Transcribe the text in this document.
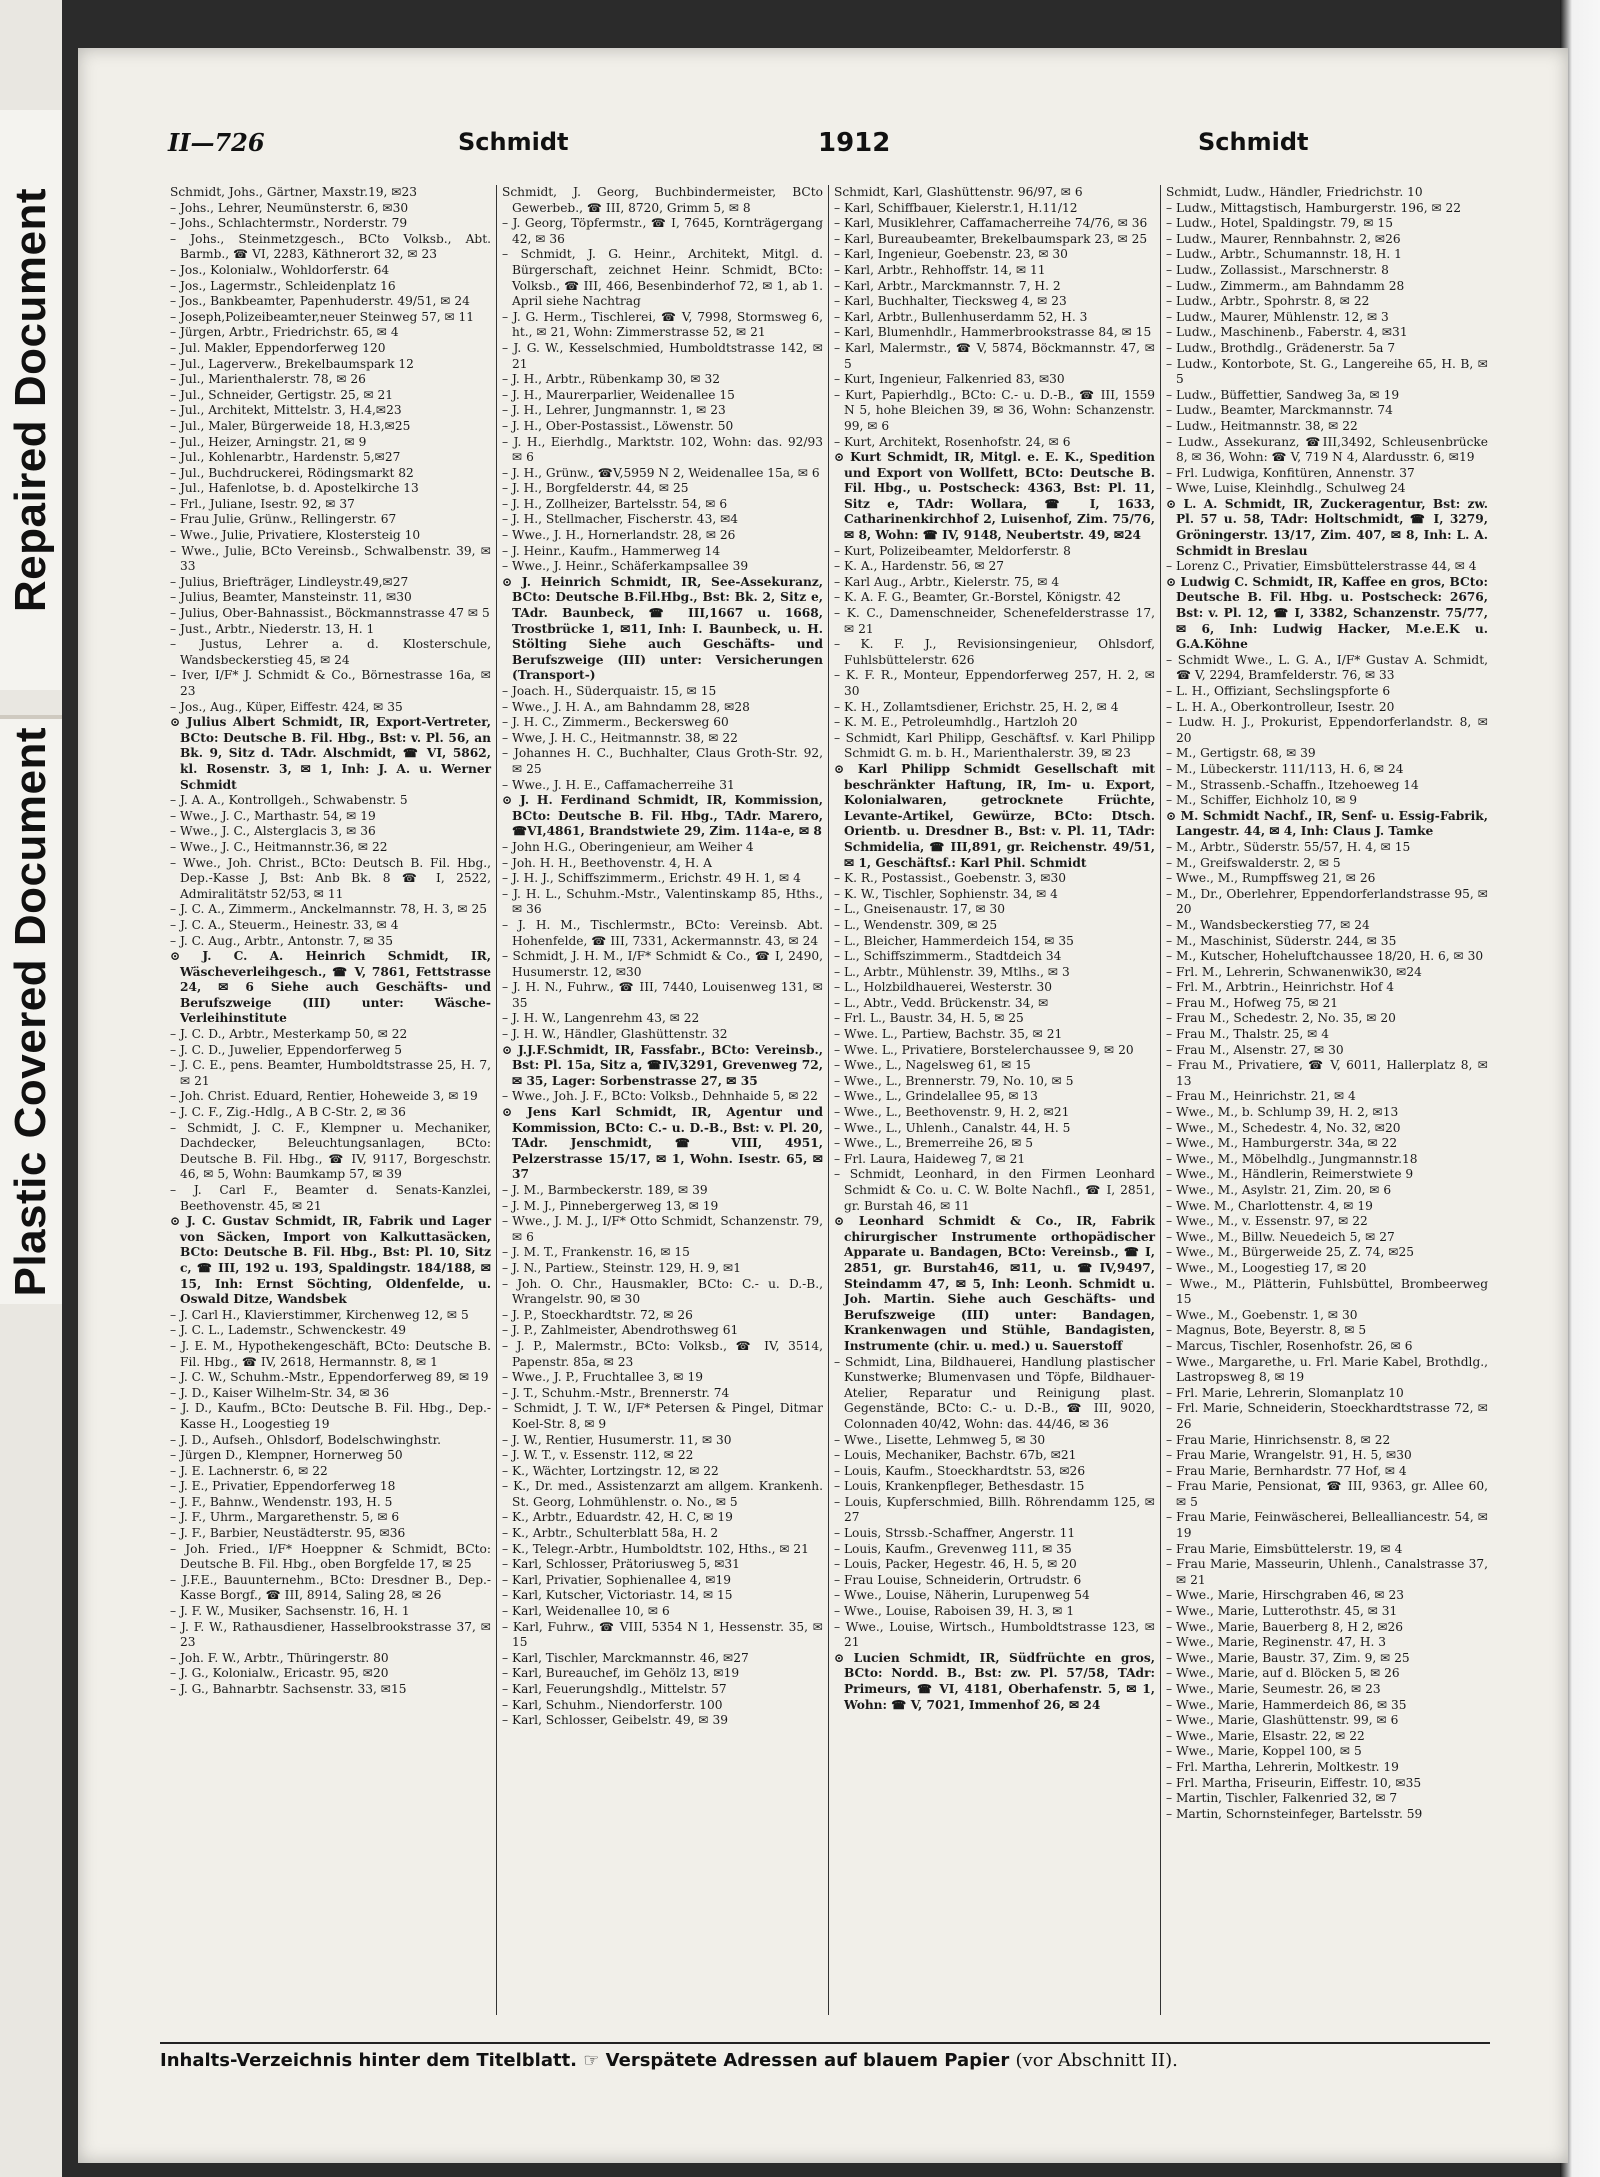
Repaired Document
Plastic Covered Document
II—726	Schmidt	1912	Schmidt

Schmidt, Johs., Gärtner, Maxstr.19, ✉23

– Johs., Lehrer, Neumünsterstr. 6, ✉30

– Johs., Schlachtermstr., Norderstr. 79

– Johs., Steinmetzgesch., BCto Volksb., Abt. Barmb., ☎ VI, 2283, Käthnerort 32, ✉ 23

– Jos., Kolonialw., Wohldorferstr. 64

– Jos., Lagermstr., Schleidenplatz 16

– Jos., Bankbeamter, Papenhuderstr. 49/51, ✉ 24

– Joseph,Polizeibeamter,neuer Steinweg 57, ✉ 11

– Jürgen, Arbtr., Friedrichstr. 65, ✉ 4

– Jul. Makler, Eppendorferweg 120

– Jul., Lagerverw., Brekelbaumspark 12

– Jul., Marienthalerstr. 78, ✉ 26

– Jul., Schneider, Gertigstr. 25, ✉ 21

– Jul., Architekt, Mittelstr. 3, H.4,✉23

– Jul., Maler, Bürgerweide 18, H.3,✉25

– Jul., Heizer, Arningstr. 21, ✉ 9

– Jul., Kohlenarbtr., Hardenstr. 5,✉27

– Jul., Buchdruckerei, Rödingsmarkt 82

– Jul., Hafenlotse, b. d. Apostelkirche 13

– Frl., Juliane, Isestr. 92, ✉ 37

– Frau Julie, Grünw., Rellingerstr. 67

– Wwe., Julie, Privatiere, Klostersteig 10

– Wwe., Julie, BCto Vereinsb., Schwalbenstr. 39, ✉ 33

– Julius, Briefträger, Lindleystr.49,✉27

– Julius, Beamter, Mansteinstr. 11, ✉30

– Julius, Ober-Bahnassist., Böckmannstrasse 47 ✉ 5

– Just., Arbtr., Niederstr. 13, H. 1

– Justus, Lehrer a. d. Klosterschule, Wandsbeckerstieg 45, ✉ 24

– Iver, I/F* J. Schmidt & Co., Börnestrasse 16a, ✉ 23

– Jos., Aug., Küper, Eiffestr. 424, ✉ 35

⊙ Julius Albert Schmidt, IR, Export-Vertreter, BCto: Deutsche B. Fil. Hbg., Bst: v. Pl. 56, an Bk. 9, Sitz d. TAdr. Alschmidt, ☎ VI, 5862, kl. Rosenstr. 3, ✉ 1, Inh: J. A. u. Werner Schmidt

– J. A. A., Kontrollgeh., Schwabenstr. 5

– Wwe., J. C., Marthastr. 54, ✉ 19

– Wwe., J. C., Alsterglacis 3, ✉ 36

– Wwe., J. C., Heitmannstr.36, ✉ 22

– Wwe., Joh. Christ., BCto: Deutsch B. Fil. Hbg., Dep.-Kasse J, Bst: Anb Bk. 8 ☎ I, 2522, Admiralitätstr 52/53, ✉ 11

– J. C. A., Zimmerm., Anckelmannstr. 78, H. 3, ✉ 25

– J. C. A., Steuerm., Heinestr. 33, ✉ 4

– J. C. Aug., Arbtr., Antonstr. 7, ✉ 35

⊙ J. C. A. Heinrich Schmidt, IR, Wäscheverleihgesch., ☎ V, 7861, Fettstrasse 24, ✉ 6 Siehe auch Geschäfts- und Berufszweige (III) unter: Wäsche-Verleihinstitute

– J. C. D., Arbtr., Mesterkamp 50, ✉ 22

– J. C. D., Juwelier, Eppendorferweg 5

– J. C. E., pens. Beamter, Humboldtstrasse 25, H. 7, ✉ 21

– Joh. Christ. Eduard, Rentier, Hoheweide 3, ✉ 19

– J. C. F., Zig.-Hdlg., A B C-Str. 2, ✉ 36

– Schmidt, J. C. F., Klempner u. Mechaniker, Dachdecker, Beleuchtungsanlagen, BCto: Deutsche B. Fil. Hbg., ☎ IV, 9117, Borgeschstr. 46, ✉ 5, Wohn: Baumkamp 57, ✉ 39

– J. Carl F., Beamter d. Senats-Kanzlei, Beethovenstr. 45, ✉ 21

⊙ J. C. Gustav Schmidt, IR, Fabrik und Lager von Säcken, Import von Kalkuttasäcken, BCto: Deutsche B. Fil. Hbg., Bst: Pl. 10, Sitz c, ☎ III, 192 u. 193, Spaldingstr. 184/188, ✉ 15, Inh: Ernst Söchting, Oldenfelde, u. Oswald Ditze, Wandsbek

– J. Carl H., Klavierstimmer, Kirchenweg 12, ✉ 5

– J. C. L., Lademstr., Schwenckestr. 49

– J. E. M., Hypothekengeschäft, BCto: Deutsche B. Fil. Hbg., ☎ IV, 2618, Hermannstr. 8, ✉ 1

– J. C. W., Schuhm.-Mstr., Eppendorferweg 89, ✉ 19

– J. D., Kaiser Wilhelm-Str. 34, ✉ 36

– J. D., Kaufm., BCto: Deutsche B. Fil. Hbg., Dep.-Kasse H., Loogestieg 19

– J. D., Aufseh., Ohlsdorf, Bodelschwinghstr.

– Jürgen D., Klempner, Hornerweg 50

– J. E. Lachnerstr. 6, ✉ 22

– J. E., Privatier, Eppendorferweg 18

– J. F., Bahnw., Wendenstr. 193, H. 5

– J. F., Uhrm., Margarethenstr. 5, ✉ 6

– J. F., Barbier, Neustädterstr. 95, ✉36

– Joh. Fried., I/F* Hoeppner & Schmidt, BCto: Deutsche B. Fil. Hbg., oben Borgfelde 17, ✉ 25

– J.F.E., Bauunternehm., BCto: Dresdner B., Dep.-Kasse Borgf., ☎ III, 8914, Saling 28, ✉ 26

– J. F. W., Musiker, Sachsenstr. 16, H. 1

– J. F. W., Rathausdiener, Hasselbrookstrasse 37, ✉ 23

– Joh. F. W., Arbtr., Thüringerstr. 80

– J. G., Kolonialw., Ericastr. 95, ✉20

– J. G., Bahnarbtr. Sachsenstr. 33, ✉15

Schmidt, J. Georg, Buchbindermeister, BCto Gewerbeb., ☎ III, 8720, Grimm 5, ✉ 8

– J. Georg, Töpfermstr., ☎ I, 7645, Kornträgergang 42, ✉ 36

– Schmidt, J. G. Heinr., Architekt, Mitgl. d. Bürgerschaft, zeichnet Heinr. Schmidt, BCto: Volksb., ☎ III, 466, Besenbinderhof 72, ✉ 1, ab 1. April siehe Nachtrag

– J. G. Herm., Tischlerei, ☎ V, 7998, Stormsweg 6, ht., ✉ 21, Wohn: Zimmerstrasse 52, ✉ 21

– J. G. W., Kesselschmied, Humboldtstrasse 142, ✉ 21

– J. H., Arbtr., Rübenkamp 30, ✉ 32

– J. H., Maurerparlier, Weidenallee 15

– J. H., Lehrer, Jungmannstr. 1, ✉ 23

– J. H., Ober-Postassist., Löwenstr. 50

– J. H., Eierhdlg., Marktstr. 102, Wohn: das. 92/93 ✉ 6

– J. H., Grünw., ☎V,5959 N 2, Weidenallee 15a, ✉ 6

– J. H., Borgfelderstr. 44, ✉ 25

– J. H., Zollheizer, Bartelsstr. 54, ✉ 6

– J. H., Stellmacher, Fischerstr. 43, ✉4

– Wwe., J. H., Hornerlandstr. 28, ✉ 26

– J. Heinr., Kaufm., Hammerweg 14

– Wwe., J. Heinr., Schäferkampsallee 39

⊙ J. Heinrich Schmidt, IR, See-Assekuranz, BCto: Deutsche B.Fil.Hbg., Bst: Bk. 2, Sitz e, TAdr. Baunbeck, ☎ III,1667 u. 1668, Trostbrücke 1, ✉11, Inh: I. Baunbeck, u. H. Stölting Siehe auch Geschäfts- und Berufszweige (III) unter: Versicherungen (Transport-)

– Joach. H., Süderquaistr. 15, ✉ 15

– Wwe., J. H. A., am Bahndamm 28, ✉28

– J. H. C., Zimmerm., Beckersweg 60

– Wwe, J. H. C., Heitmannstr. 38, ✉ 22

– Johannes H. C., Buchhalter, Claus Groth-Str. 92, ✉ 25

– Wwe., J. H. E., Caffamacherreihe 31

⊙ J. H. Ferdinand Schmidt, IR, Kommission, BCto: Deutsche B. Fil. Hbg., TAdr. Marero, ☎VI,4861, Brandstwiete 29, Zim. 114a-e, ✉ 8

– John H.G., Oberingenieur, am Weiher 4

– Joh. H. H., Beethovenstr. 4, H. A

– J. H. J., Schiffszimmerm., Erichstr. 49 H. 1, ✉ 4

– J. H. L., Schuhm.-Mstr., Valentinskamp 85, Hths., ✉ 36

– J. H. M., Tischlermstr., BCto: Vereinsb. Abt. Hohenfelde, ☎ III, 7331, Ackermannstr. 43, ✉ 24

– Schmidt, J. H. M., I/F* Schmidt & Co., ☎ I, 2490, Husumerstr. 12, ✉30

– J. H. N., Fuhrw., ☎ III, 7440, Louisenweg 131, ✉ 35

– J. H. W., Langenrehm 43, ✉ 22

– J. H. W., Händler, Glashüttenstr. 32

⊙ J.J.F.Schmidt, IR, Fassfabr., BCto: Vereinsb., Bst: Pl. 15a, Sitz a, ☎IV,3291, Grevenweg 72, ✉ 35, Lager: Sorbenstrasse 27, ✉ 35

– Wwe., Joh. J. F., BCto: Volksb., Dehnhaide 5, ✉ 22

⊙ Jens Karl Schmidt, IR, Agentur und Kommission, BCto: C.- u. D.-B., Bst: v. Pl. 20, TAdr. Jenschmidt, ☎ VIII, 4951, Pelzerstrasse 15/17, ✉ 1, Wohn. Isestr. 65, ✉ 37

– J. M., Barmbeckerstr. 189, ✉ 39

– J. M. J., Pinnebergerweg 13, ✉ 19

– Wwe., J. M. J., I/F* Otto Schmidt, Schanzenstr. 79, ✉ 6

– J. M. T., Frankenstr. 16, ✉ 15

– J. N., Partiew., Steinstr. 129, H. 9, ✉1

– Joh. O. Chr., Hausmakler, BCto: C.- u. D.-B., Wrangelstr. 90, ✉ 30

– J. P., Stoeckhardtstr. 72, ✉ 26

– J. P., Zahlmeister, Abendrothsweg 61

– J. P., Malermstr., BCto: Volksb., ☎ IV, 3514, Papenstr. 85a, ✉ 23

– Wwe., J. P., Fruchtallee 3, ✉ 19

– J. T., Schuhm.-Mstr., Brennerstr. 74

– Schmidt, J. T. W., I/F* Petersen & Pingel, Ditmar Koel-Str. 8, ✉ 9

– J. W., Rentier, Husumerstr. 11, ✉ 30

– J. W. T., v. Essenstr. 112, ✉ 22

– K., Wächter, Lortzingstr. 12, ✉ 22

– K., Dr. med., Assistenzarzt am allgem. Krankenh. St. Georg, Lohmühlenstr. o. No., ✉ 5

– K., Arbtr., Eduardstr. 42, H. C, ✉ 19

– K., Arbtr., Schulterblatt 58a, H. 2

– K., Telegr.-Arbtr., Humboldtstr. 102, Hths., ✉ 21

– Karl, Schlosser, Prätoriusweg 5, ✉31

– Karl, Privatier, Sophienallee 4, ✉19

– Karl, Kutscher, Victoriastr. 14, ✉ 15

– Karl, Weidenallee 10, ✉ 6

– Karl, Fuhrw., ☎ VIII, 5354 N 1, Hessenstr. 35, ✉ 15

– Karl, Tischler, Marckmannstr. 46, ✉27

– Karl, Bureauchef, im Gehölz 13, ✉19

– Karl, Feuerungshdlg., Mittelstr. 57

– Karl, Schuhm., Niendorferstr. 100

– Karl, Schlosser, Geibelstr. 49, ✉ 39

Schmidt, Karl, Glashüttenstr. 96/97, ✉ 6

– Karl, Schiffbauer, Kielerstr.1, H.11/12

– Karl, Musiklehrer, Caffamacherreihe 74/76, ✉ 36

– Karl, Bureaubeamter, Brekelbaumspark 23, ✉ 25

– Karl, Ingenieur, Goebenstr. 23, ✉ 30

– Karl, Arbtr., Rehhoffstr. 14, ✉ 11

– Karl, Arbtr., Marckmannstr. 7, H. 2

– Karl, Buchhalter, Tiecksweg 4, ✉ 23

– Karl, Arbtr., Bullenhuserdamm 52, H. 3

– Karl, Blumenhdlr., Hammerbrookstrasse 84, ✉ 15

– Karl, Malermstr., ☎ V, 5874, Böckmannstr. 47, ✉ 5

– Kurt, Ingenieur, Falkenried 83, ✉30

– Kurt, Papierhdlg., BCto: C.- u. D.-B., ☎ III, 1559 N 5, hohe Bleichen 39, ✉ 36, Wohn: Schanzenstr. 99, ✉ 6

– Kurt, Architekt, Rosenhofstr. 24, ✉ 6

⊙ Kurt Schmidt, IR, Mitgl. e. E. K., Spedition und Export von Wollfett, BCto: Deutsche B. Fil. Hbg., u. Postscheck: 4363, Bst: Pl. 11, Sitz e, TAdr: Wollara, ☎ I, 1633, Catharinenkirchhof 2, Luisenhof, Zim. 75/76, ✉ 8, Wohn: ☎ IV, 9148, Neubertstr. 49, ✉24

– Kurt, Polizeibeamter, Meldorferstr. 8

– K. A., Hardenstr. 56, ✉ 27

– Karl Aug., Arbtr., Kielerstr. 75, ✉ 4

– K. A. F. G., Beamter, Gr.-Borstel, Königstr. 42

– K. C., Damenschneider, Schenefelderstrasse 17, ✉ 21

– K. F. J., Revisionsingenieur, Ohlsdorf, Fuhlsbüttelerstr. 626

– K. F. R., Monteur, Eppendorferweg 257, H. 2, ✉ 30

– K. H., Zollamtsdiener, Erichstr. 25, H. 2, ✉ 4

– K. M. E., Petroleumhdlg., Hartzloh 20

– Schmidt, Karl Philipp, Geschäftsf. v. Karl Philipp Schmidt G. m. b. H., Marienthalerstr. 39, ✉ 23

⊙ Karl Philipp Schmidt Gesellschaft mit beschränkter Haftung, IR, Im- u. Export, Kolonialwaren, getrocknete Früchte, Levante-Artikel, Gewürze, BCto: Dtsch. Orientb. u. Dresdner B., Bst: v. Pl. 11, TAdr: Schmidelia, ☎ III,891, gr. Reichenstr. 49/51, ✉ 1, Geschäftsf.: Karl Phil. Schmidt

– K. R., Postassist., Goebenstr. 3, ✉30

– K. W., Tischler, Sophienstr. 34, ✉ 4

– L., Gneisenaustr. 17, ✉ 30

– L., Wendenstr. 309, ✉ 25

– L., Bleicher, Hammerdeich 154, ✉ 35

– L., Schiffszimmerm., Stadtdeich 34

– L., Arbtr., Mühlenstr. 39, Mtlhs., ✉ 3

– L., Holzbildhauerei, Westerstr. 30

– L., Abtr., Vedd. Brückenstr. 34, ✉

– Frl. L., Baustr. 34, H. 5, ✉ 25

– Wwe. L., Partiew, Bachstr. 35, ✉ 21

– Wwe. L., Privatiere, Borstelerchaussee 9, ✉ 20

– Wwe., L., Nagelsweg 61, ✉ 15

– Wwe., L., Brennerstr. 79, No. 10, ✉ 5

– Wwe., L., Grindelallee 95, ✉ 13

– Wwe., L., Beethovenstr. 9, H. 2, ✉21

– Wwe., L., Uhlenh., Canalstr. 44, H. 5

– Wwe., L., Bremerreihe 26, ✉ 5

– Frl. Laura, Haideweg 7, ✉ 21

– Schmidt, Leonhard, in den Firmen Leonhard Schmidt & Co. u. C. W. Bolte Nachfl., ☎ I, 2851, gr. Burstah 46, ✉ 11

⊙ Leonhard Schmidt & Co., IR, Fabrik chirurgischer Instrumente orthopädischer Apparate u. Bandagen, BCto: Vereinsb., ☎ I, 2851, gr. Burstah46, ✉11, u. ☎IV,9497, Steindamm 47, ✉ 5, Inh: Leonh. Schmidt u. Joh. Martin. Siehe auch Geschäfts- und Berufszweige (III) unter: Bandagen, Krankenwagen und Stühle, Bandagisten, Instrumente (chir. u. med.) u. Sauerstoff

– Schmidt, Lina, Bildhauerei, Handlung plastischer Kunstwerke; Blumenvasen und Töpfe, Bildhauer-Atelier, Reparatur und Reinigung plast. Gegenstände, BCto: C.- u. D.-B., ☎ III, 9020, Colonnaden 40/42, Wohn: das. 44/46, ✉ 36

– Wwe., Lisette, Lehmweg 5, ✉ 30

– Louis, Mechaniker, Bachstr. 67b, ✉21

– Louis, Kaufm., Stoeckhardtstr. 53, ✉26

– Louis, Krankenpfleger, Bethesdastr. 15

– Louis, Kupferschmied, Billh. Röhrendamm 125, ✉ 27

– Louis, Strssb.-Schaffner, Angerstr. 11

– Louis, Kaufm., Grevenweg 111, ✉ 35

– Louis, Packer, Hegestr. 46, H. 5, ✉ 20

– Frau Louise, Schneiderin, Ortrudstr. 6

– Wwe., Louise, Näherin, Lurupenweg 54

– Wwe., Louise, Raboisen 39, H. 3, ✉ 1

– Wwe., Louise, Wirtsch., Humboldtstrasse 123, ✉ 21

⊙ Lucien Schmidt, IR, Südfrüchte en gros, BCto: Nordd. B., Bst: zw. Pl. 57/58, TAdr: Primeurs, ☎ VI, 4181, Oberhafenstr. 5, ✉ 1, Wohn: ☎ V, 7021, Immenhof 26, ✉ 24

Schmidt, Ludw., Händler, Friedrichstr. 10

– Ludw., Mittagstisch, Hamburgerstr. 196, ✉ 22

– Ludw., Hotel, Spaldingstr. 79, ✉ 15

– Ludw., Maurer, Rennbahnstr. 2, ✉26

– Ludw., Arbtr., Schumannstr. 18, H. 1

– Ludw., Zollassist., Marschnerstr. 8

– Ludw., Zimmerm., am Bahndamm 28

– Ludw., Arbtr., Spohrstr. 8, ✉ 22

– Ludw., Maurer, Mühlenstr. 12, ✉ 3

– Ludw., Maschinenb., Faberstr. 4, ✉31

– Ludw., Brothdlg., Grädenerstr. 5a 7

– Ludw., Kontorbote, St. G., Langereihe 65, H. B, ✉ 5

– Ludw., Büffettier, Sandweg 3a, ✉ 19

– Ludw., Beamter, Marckmannstr. 74

– Ludw., Heitmannstr. 38, ✉ 22

– Ludw., Assekuranz, ☎III,3492, Schleusenbrücke 8, ✉ 36, Wohn: ☎ V, 719 N 4, Alardusstr. 6, ✉19

– Frl. Ludwiga, Konfitüren, Annenstr. 37

– Wwe, Luise, Kleinhdlg., Schulweg 24

⊙ L. A. Schmidt, IR, Zuckeragentur, Bst: zw. Pl. 57 u. 58, TAdr: Holtschmidt, ☎ I, 3279, Gröningerstr. 13/17, Zim. 407, ✉ 8, Inh: L. A. Schmidt in Breslau

– Lorenz C., Privatier, Eimsbüttelerstrasse 44, ✉ 4

⊙ Ludwig C. Schmidt, IR, Kaffee en gros, BCto: Deutsche B. Fil. Hbg. u. Postscheck: 2676, Bst: v. Pl. 12, ☎ I, 3382, Schanzenstr. 75/77, ✉ 6, Inh: Ludwig Hacker, M.e.E.K u. G.A.Köhne

– Schmidt Wwe., L. G. A., I/F* Gustav A. Schmidt, ☎ V, 2294, Bramfelderstr. 76, ✉ 33

– L. H., Offiziant, Sechslingspforte 6

– L. H. A., Oberkontrolleur, Isestr. 20

– Ludw. H. J., Prokurist, Eppendorferlandstr. 8, ✉ 20

– M., Gertigstr. 68, ✉ 39

– M., Lübeckerstr. 111/113, H. 6, ✉ 24

– M., Strassenb.-Schaffn., Itzehoeweg 14

– M., Schiffer, Eichholz 10, ✉ 9

⊙ M. Schmidt Nachf., IR, Senf- u. Essig-Fabrik, Langestr. 44, ✉ 4, Inh: Claus J. Tamke

– M., Arbtr., Süderstr. 55/57, H. 4, ✉ 15

– M., Greifswalderstr. 2, ✉ 5

– Wwe., M., Rumpffsweg 21, ✉ 26

– M., Dr., Oberlehrer, Eppendorferlandstrasse 95, ✉ 20

– M., Wandsbeckerstieg 77, ✉ 24

– M., Maschinist, Süderstr. 244, ✉ 35

– M., Kutscher, Hoheluftchaussee 18/20, H. 6, ✉ 30

– Frl. M., Lehrerin, Schwanenwik30, ✉24

– Frl. M., Arbtrin., Heinrichstr. Hof 4

– Frau M., Hofweg 75, ✉ 21

– Frau M., Schedestr. 2, No. 35, ✉ 20

– Frau M., Thalstr. 25, ✉ 4

– Frau M., Alsenstr. 27, ✉ 30

– Frau M., Privatiere, ☎ V, 6011, Hallerplatz 8, ✉ 13

– Frau M., Heinrichstr. 21, ✉ 4

– Wwe., M., b. Schlump 39, H. 2, ✉13

– Wwe., M., Schedestr. 4, No. 32, ✉20

– Wwe., M., Hamburgerstr. 34a, ✉ 22

– Wwe., M., Möbelhdlg., Jungmannstr.18

– Wwe., M., Händlerin, Reimerstwiete 9

– Wwe., M., Asylstr. 21, Zim. 20, ✉ 6

– Wwe. M., Charlottenstr. 4, ✉ 19

– Wwe., M., v. Essenstr. 97, ✉ 22

– Wwe., M., Billw. Neuedeich 5, ✉ 27

– Wwe., M., Bürgerweide 25, Z. 74, ✉25

– Wwe., M., Loogestieg 17, ✉ 20

– Wwe., M., Plätterin, Fuhlsbüttel, Brombeerweg 15

– Wwe., M., Goebenstr. 1, ✉ 30

– Magnus, Bote, Beyerstr. 8, ✉ 5

– Marcus, Tischler, Rosenhofstr. 26, ✉ 6

– Wwe., Margarethe, u. Frl. Marie Kabel, Brothdlg., Lastropsweg 8, ✉ 19

– Frl. Marie, Lehrerin, Slomanplatz 10

– Frl. Marie, Schneiderin, Stoeckhardtstrasse 72, ✉ 26

– Frau Marie, Hinrichsenstr. 8, ✉ 22

– Frau Marie, Wrangelstr. 91, H. 5, ✉30

– Frau Marie, Bernhardstr. 77 Hof, ✉ 4

– Frau Marie, Pensionat, ☎ III, 9363, gr. Allee 60, ✉ 5

– Frau Marie, Feinwäscherei, Bellealliancestr. 54, ✉ 19

– Frau Marie, Eimsbüttelerstr. 19, ✉ 4

– Frau Marie, Masseurin, Uhlenh., Canalstrasse 37, ✉ 21

– Wwe., Marie, Hirschgraben 46, ✉ 23

– Wwe., Marie, Lutterothstr. 45, ✉ 31

– Wwe., Marie, Bauerberg 8, H 2, ✉26

– Wwe., Marie, Reginenstr. 47, H. 3

– Wwe., Marie, Baustr. 37, Zim. 9, ✉ 25

– Wwe., Marie, auf d. Blöcken 5, ✉ 26

– Wwe., Marie, Seumestr. 26, ✉ 23

– Wwe., Marie, Hammerdeich 86, ✉ 35

– Wwe., Marie, Glashüttenstr. 99, ✉ 6

– Wwe., Marie, Elsastr. 22, ✉ 22

– Wwe., Marie, Koppel 100, ✉ 5

– Frl. Martha, Lehrerin, Moltkestr. 19

– Frl. Martha, Friseurin, Eiffestr. 10, ✉35

– Martin, Tischler, Falkenried 32, ✉ 7

– Martin, Schornsteinfeger, Bartelsstr. 59

Inhalts-Verzeichnis hinter dem Titelblatt. ☞ Verspätete Adressen auf blauem Papier (vor Abschnitt II).
